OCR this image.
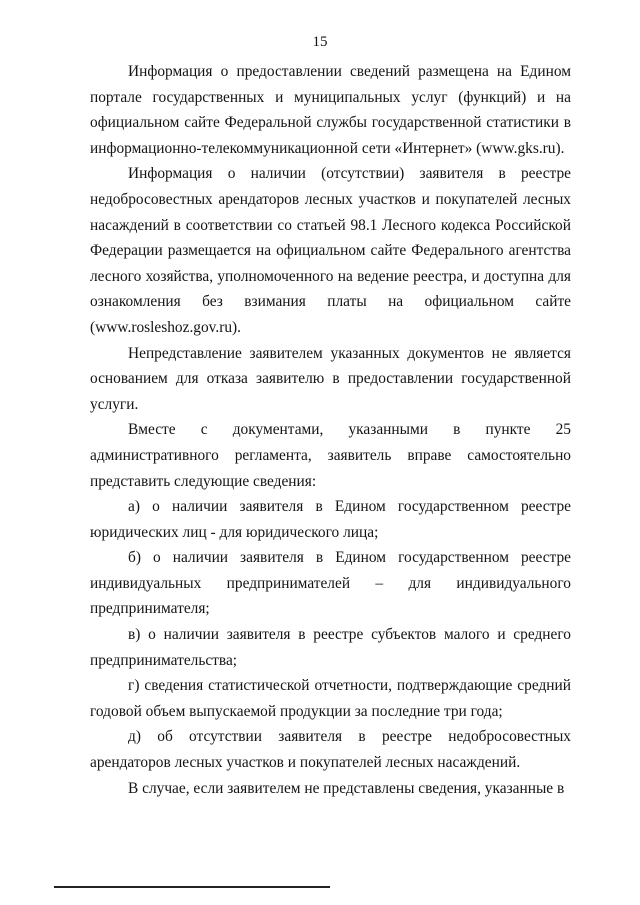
15

Информация о предоставлении сведений размещена на Едином портале государственных и муниципальных услуг (функций) и на официальном сайте Федеральной службы государственной статистики в информационно-телекоммуникационной сети «Интернет» (www.gks.ru).

Информация о наличии (отсутствии) заявителя в реестре недобросовестных арендаторов лесных участков и покупателей лесных насаждений в соответствии со статьей 98.1 Лесного кодекса Российской Федерации размещается на официальном сайте Федерального агентства лесного хозяйства, уполномоченного на ведение реестра, и доступна для ознакомления без взимания платы на официальном сайте (www.rosleshoz.gov.ru).

Непредставление заявителем указанных документов не является основанием для отказа заявителю в предоставлении государственной услуги.

Вместе с документами, указанными в пункте 25 административного регламента, заявитель вправе самостоятельно представить следующие сведения:

а) о наличии заявителя в Едином государственном реестре юридических лиц - для юридического лица;

б) о наличии заявителя в Едином государственном реестре индивидуальных предпринимателей – для индивидуального предпринимателя;

в) о наличии заявителя в реестре субъектов малого и среднего предпринимательства;

г) сведения статистической отчетности, подтверждающие средний годовой объем выпускаемой продукции за последние три года;

д) об отсутствии заявителя в реестре недобросовестных арендаторов лесных участков и покупателей лесных насаждений.

В случае, если заявителем не представлены сведения, указанные в
